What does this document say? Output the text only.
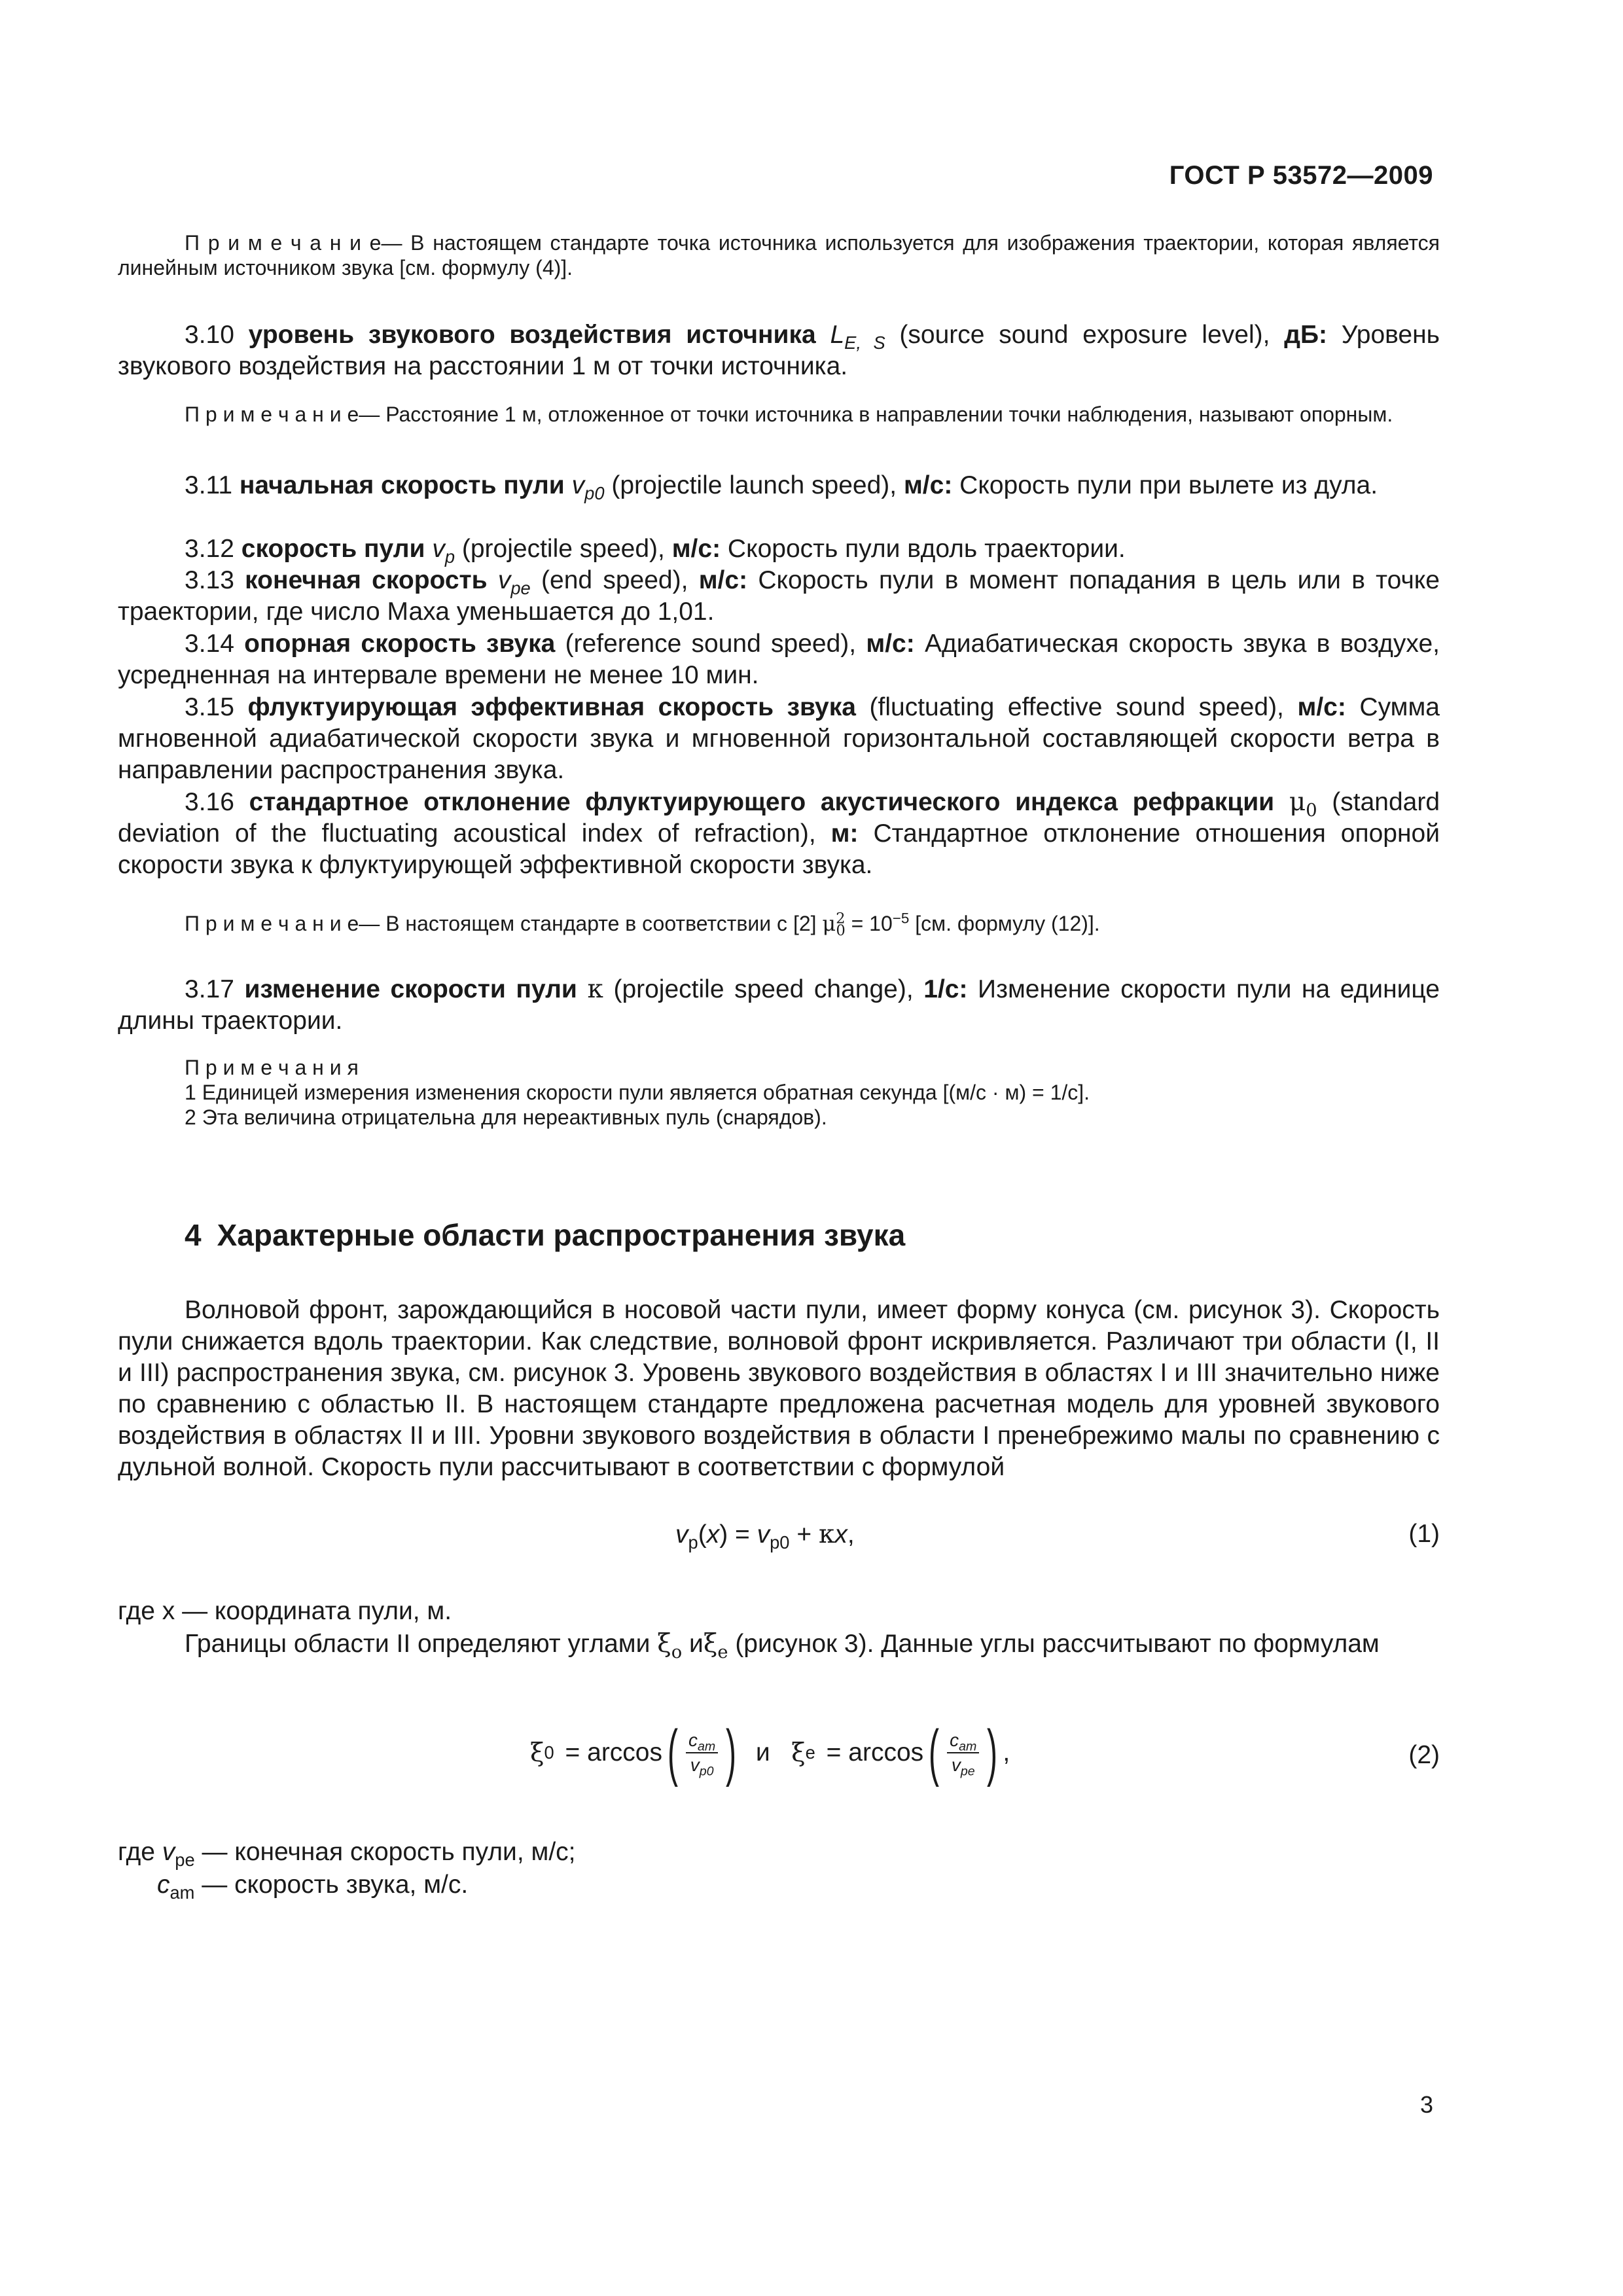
ГОСТ Р 53572—2009

П р и м е ч а н и е— В настоящем стандарте точка источника используется для изображения траектории, которая является линейным источником звука [см. формулу (4)].

3.10 уровень звукового воздействия источника $L_{E, S}$ (source sound exposure level), дБ: Уровень звукового воздействия на расстоянии 1 м от точки источника.

П р и м е ч а н и е— Расстояние 1 м, отложенное от точки источника в направлении точки наблюдения, называют опорным.

3.11 начальная скорость пули $v_{p0}$ (projectile launch speed), м/с: Скорость пули при вылете из дула.

3.12 скорость пули $v_p$ (projectile speed), м/с: Скорость пули вдоль траектории.

3.13 конечная скорость $v_{pe}$ (end speed), м/с: Скорость пули в момент попадания в цель или в точке траектории, где число Маха уменьшается до 1,01.

3.14 опорная скорость звука (reference sound speed), м/с: Адиабатическая скорость звука в воздухе, усредненная на интервале времени не менее 10 мин.

3.15 флуктуирующая эффективная скорость звука (fluctuating effective sound speed), м/с: Сумма мгновенной адиабатической скорости звука и мгновенной горизонтальной составляющей скорости ветра в направлении распространения звука.

3.16 стандартное отклонение флуктуирующего акустического индекса рефракции $\mu_0$ (standard deviation of the fluctuating acoustical index of refraction), м: Стандартное отклонение отношения опорной скорости звука к флуктуирующей эффективной скорости звука.

П р и м е ч а н и е— В настоящем стандарте в соответствии с [2] $\mu^2_0 = 10^{-5}$ [см. формулу (12)].

3.17 изменение скорости пули κ (projectile speed change), 1/с: Изменение скорости пули на единице длины траектории.

П р и м е ч а н и я

1 Единицей измерения изменения скорости пули является обратная секунда [(м/с · м) = 1/с].

2 Эта величина отрицательна для нереактивных пуль (снарядов).

4 Характерные области распространения звука

Волновой фронт, зарождающийся в носовой части пули, имеет форму конуса (см. рисунок 3). Скорость пули снижается вдоль траектории. Как следствие, волновой фронт искривляется. Различают три области (I, II и III) распространения звука, см. рисунок 3. Уровень звукового воздействия в областях I и III значительно ниже по сравнению с областью II. В настоящем стандарте предложена расчетная модель для уровней звукового воздействия в областях II и III. Уровни звукового воздействия в области I пренебрежимо малы по сравнению с дульной волной. Скорость пули рассчитывают в соответствии с формулой

$v_p(x) = v_{p0} + \kappa x$,	(1)
где x — координата пули, м.

Границы области II определяют углами $\xi_o$ $и\xi_e$ (рисунок 3). Данные углы рассчитывают по формулам

ξ 0 = arccos ( $\frac{c_{am}}{v_{p0}}$ )
и
ξ e = arccos ( $\frac{c_{am}}{v_{pe}}$ ) ,	(2)
где $v_{pe}$ — конечная скорость пули, м/с;
$c_{am}$ — скорость звука, м/с.
3
